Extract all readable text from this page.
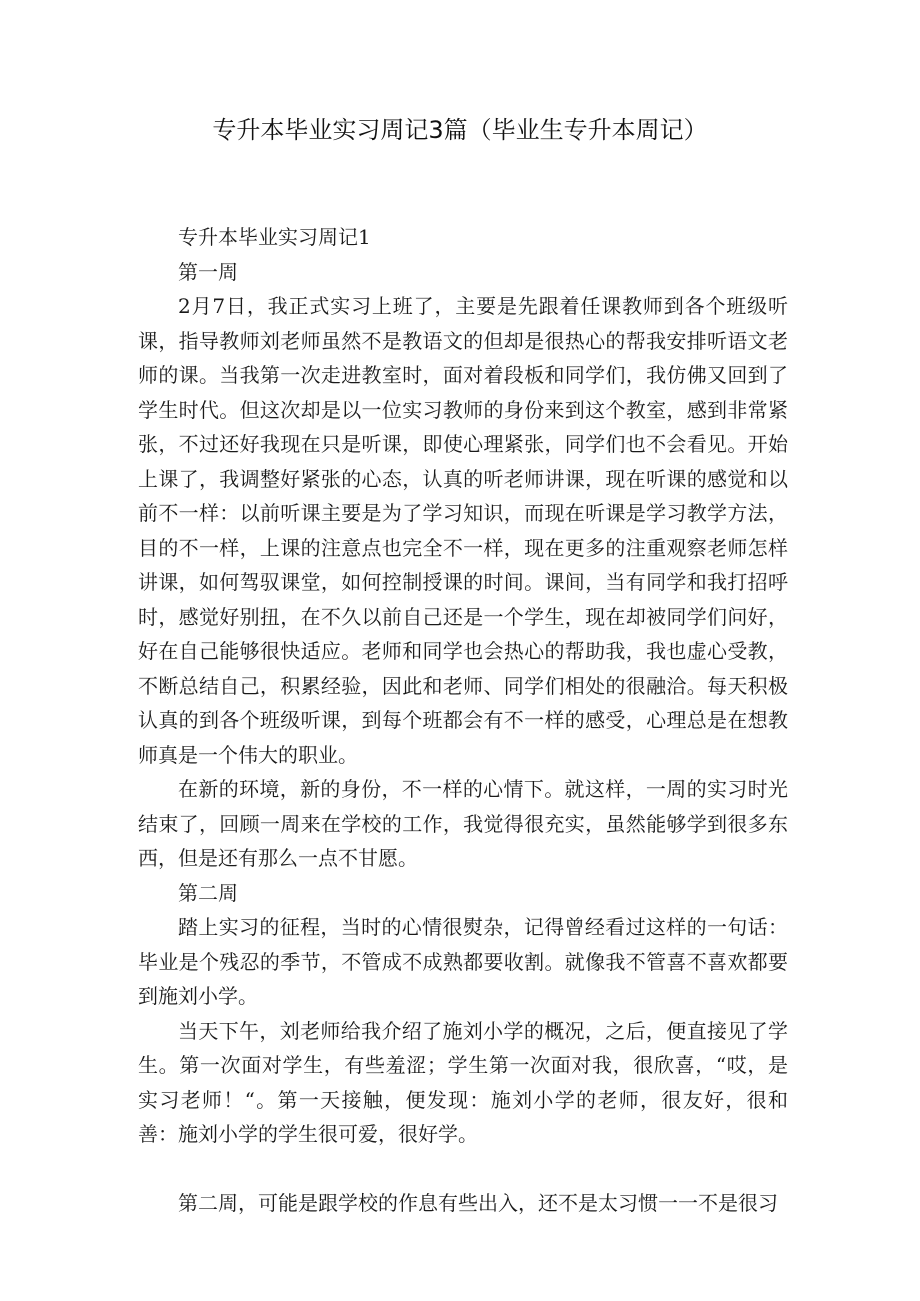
专升本毕业实习周记3篇（毕业生专升本周记）

专升本毕业实习周记1

第一周

2月7日，我正式实习上班了，主要是先跟着任课教师到各个班级听课，指导教师刘老师虽然不是教语文的但却是很热心的帮我安排听语文老师的课。当我第一次走进教室时，面对着段板和同学们，我仿佛又回到了学生时代。但这次却是以一位实习教师的身份来到这个教室，感到非常紧张，不过还好我现在只是听课，即使心理紧张，同学们也不会看见。开始上课了，我调整好紧张的心态，认真的听老师讲课，现在听课的感觉和以前不一样：以前听课主要是为了学习知识，而现在听课是学习教学方法，目的不一样，上课的注意点也完全不一样，现在更多的注重观察老师怎样讲课，如何驾驭课堂，如何控制授课的时间。课间，当有同学和我打招呼时，感觉好别扭，在不久以前自己还是一个学生，现在却被同学们问好，好在自己能够很快适应。老师和同学也会热心的帮助我，我也虚心受教，不断总结自己，积累经验，因此和老师、同学们相处的很融洽。每天积极认真的到各个班级听课，到每个班都会有不一样的感受，心理总是在想教师真是一个伟大的职业。

在新的环境，新的身份，不一样的心情下。就这样，一周的实习时光结束了，回顾一周来在学校的工作，我觉得很充实，虽然能够学到很多东西，但是还有那么一点不甘愿。

第二周

踏上实习的征程，当时的心情很熨杂，记得曾经看过这样的一句话：毕业是个残忍的季节，不管成不成熟都要收割。就像我不管喜不喜欢都要到施刘小学。

当天下午，刘老师给我介绍了施刘小学的概况，之后，便直接见了学生。第一次面对学生，有些羞涩；学生第一次面对我，很欣喜，“哎，是实习老师！“。第一天接触，便发现：施刘小学的老师，很友好，很和善：施刘小学的学生很可爱，很好学。

第二周，可能是跟学校的作息有些出入，还不是太习惯一一不是很习
